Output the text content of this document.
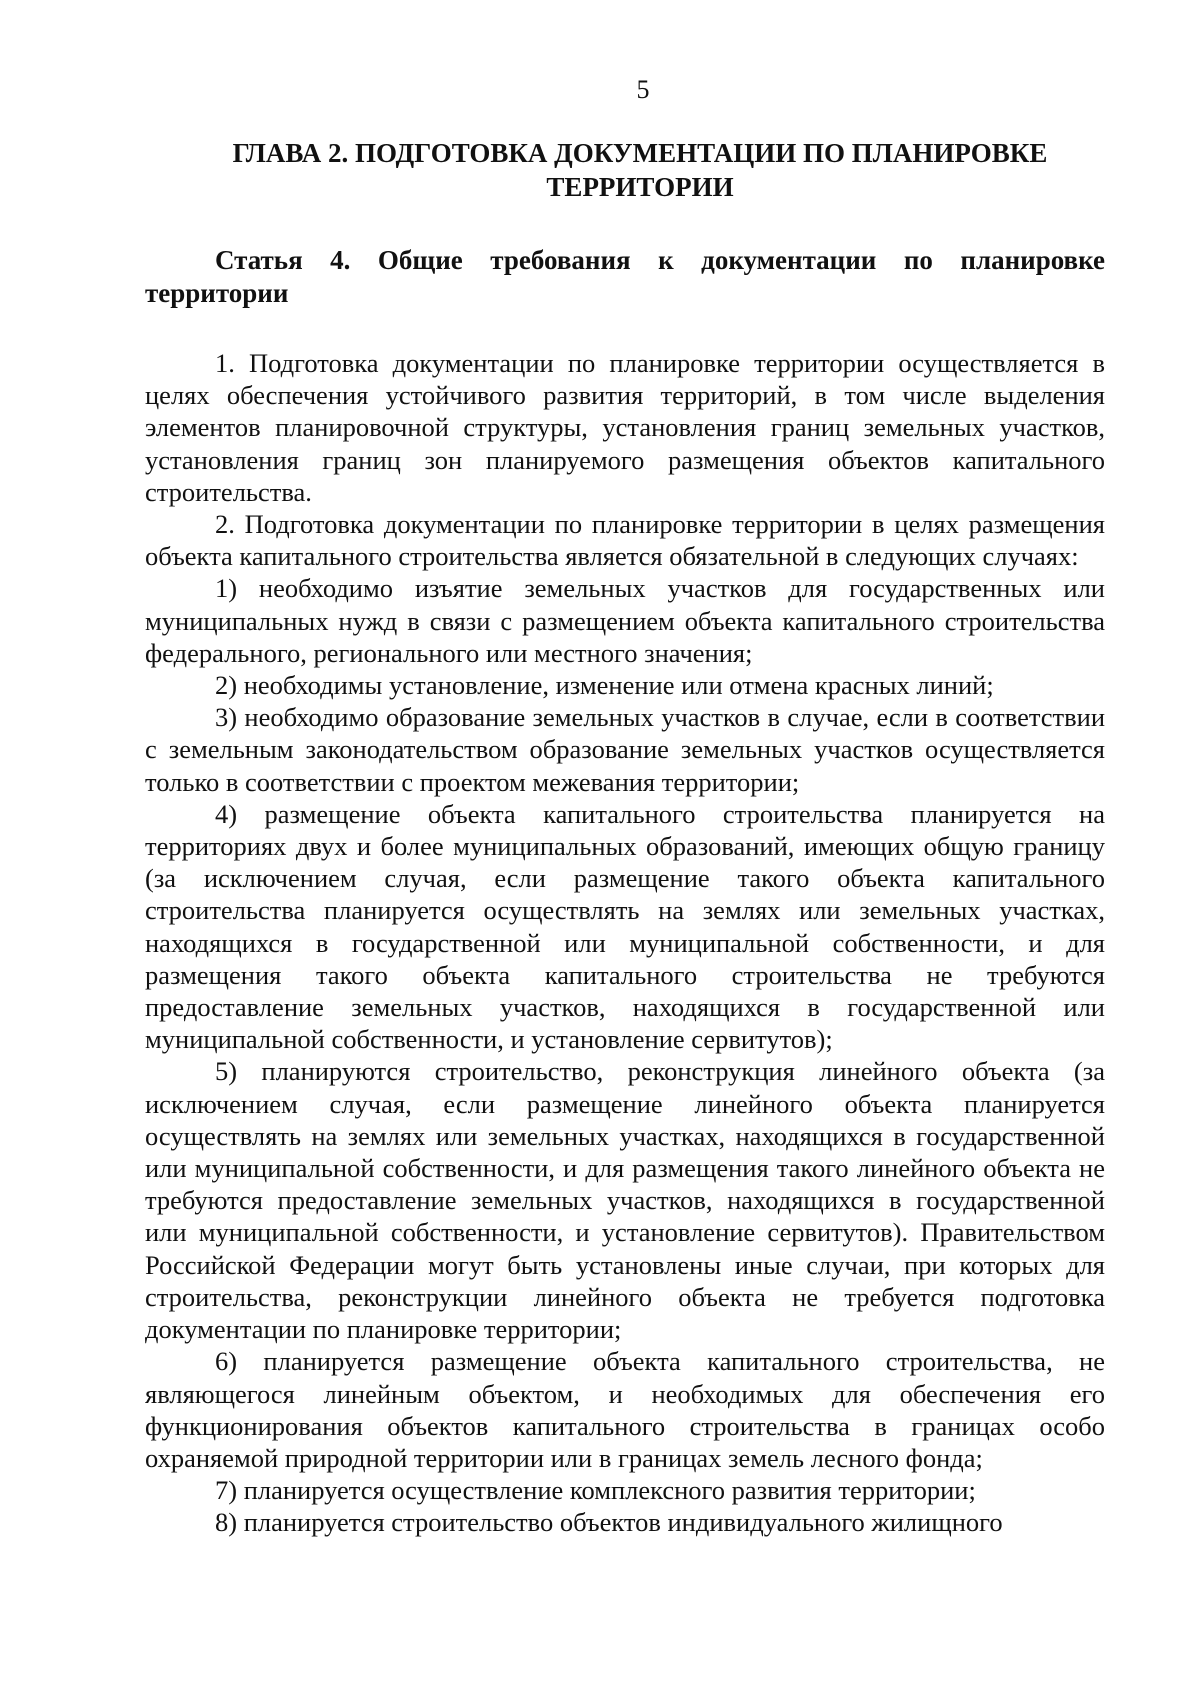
5
ГЛАВА 2. ПОДГОТОВКА ДОКУМЕНТАЦИИ ПО ПЛАНИРОВКЕ ТЕРРИТОРИИ
Статья 4. Общие требования к документации по планировке территории

1. Подготовка документации по планировке территории осуществляется в целях обеспечения устойчивого развития территорий, в том числе выделения элементов планировочной структуры, установления границ земельных участков, установления границ зон планируемого размещения объектов капитального строительства.

2. Подготовка документации по планировке территории в целях размещения объекта капитального строительства является обязательной в следующих случаях:

1) необходимо изъятие земельных участков для государственных или муниципальных нужд в связи с размещением объекта капитального строительства федерального, регионального или местного значения;

2) необходимы установление, изменение или отмена красных линий;

3) необходимо образование земельных участков в случае, если в соответствии с земельным законодательством образование земельных участков осуществляется только в соответствии с проектом межевания территории;

4) размещение объекта капитального строительства планируется на территориях двух и более муниципальных образований, имеющих общую границу (за исключением случая, если размещение такого объекта капитального строительства планируется осуществлять на землях или земельных участках, находящихся в государственной или муниципальной собственности, и для размещения такого объекта капитального строительства не требуются предоставление земельных участков, находящихся в государственной или муниципальной собственности, и установление сервитутов);

5) планируются строительство, реконструкция линейного объекта (за исключением случая, если размещение линейного объекта планируется осуществлять на землях или земельных участках, находящихся в государственной или муниципальной собственности, и для размещения такого линейного объекта не требуются предоставление земельных участков, находящихся в государственной или муниципальной собственности, и установление сервитутов). Правительством Российской Федерации могут быть установлены иные случаи, при которых для строительства, реконструкции линейного объекта не требуется подготовка документации по планировке территории;

6) планируется размещение объекта капитального строительства, не являющегося линейным объектом, и необходимых для обеспечения его функционирования объектов капитального строительства в границах особо охраняемой природной территории или в границах земель лесного фонда;

7) планируется осуществление комплексного развития территории;

8) планируется строительство объектов индивидуального жилищного
